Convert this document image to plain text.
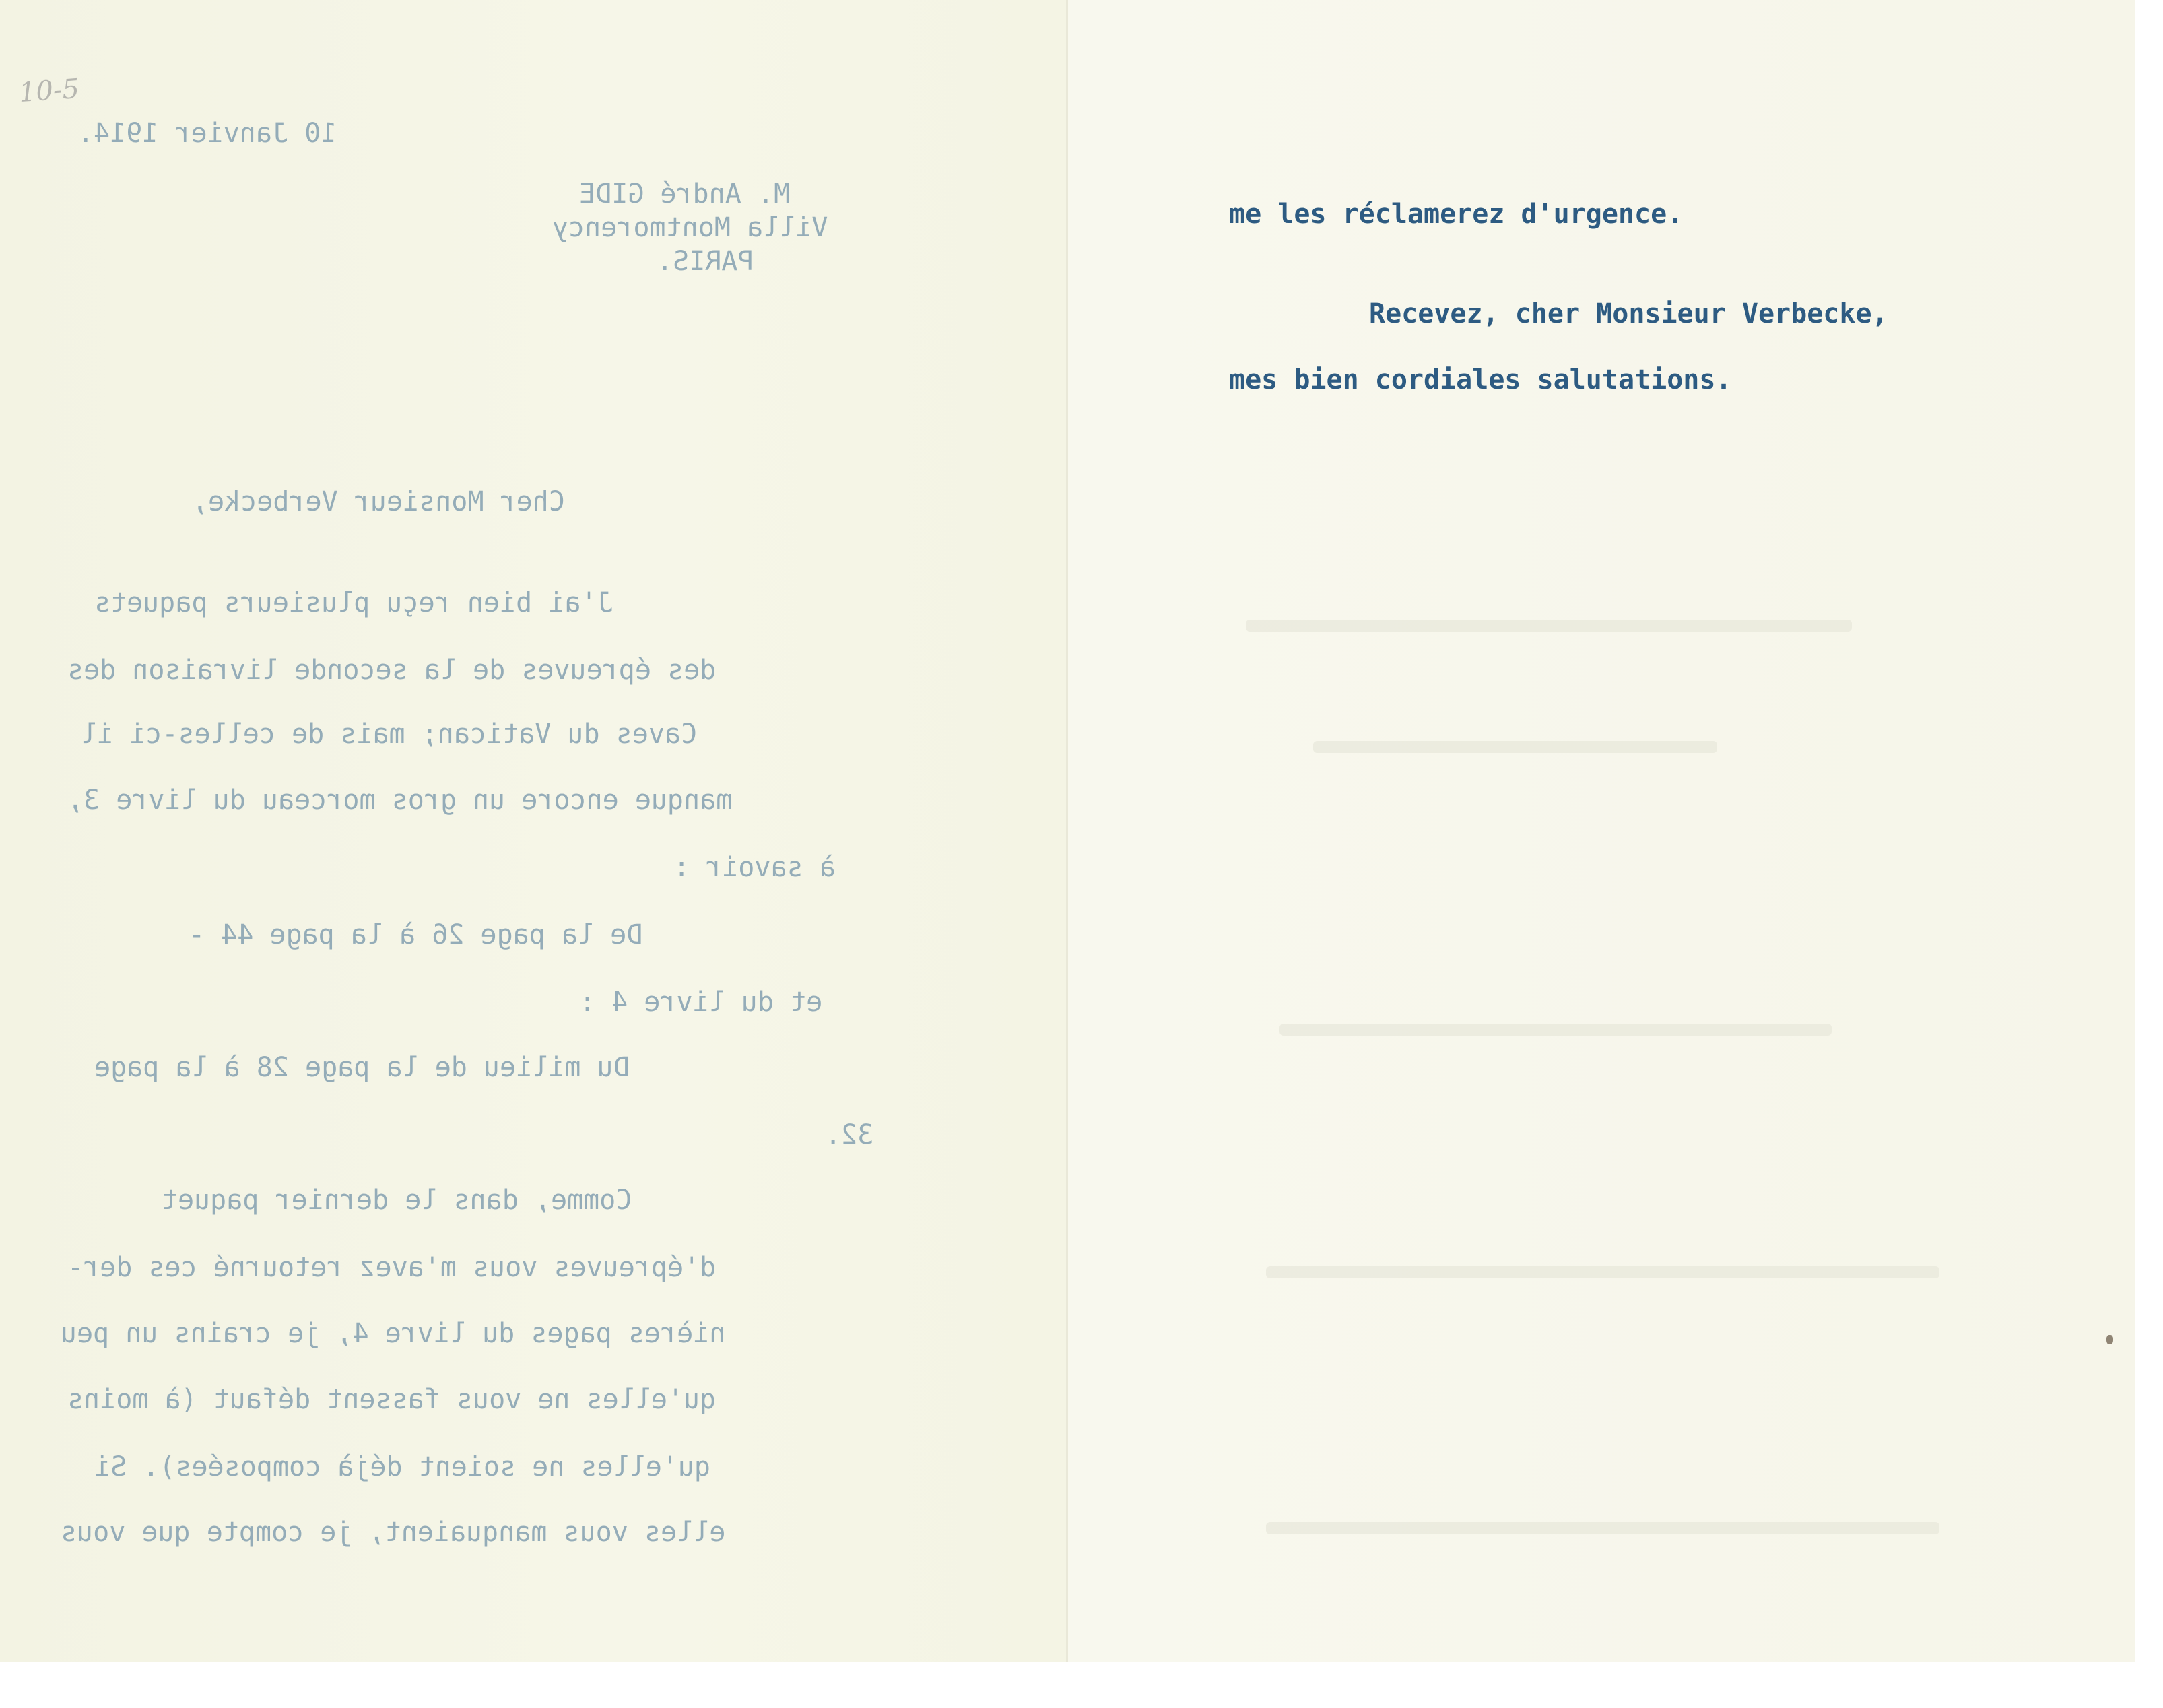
10-5

10 Janvier 1914.

M. André GIDE

Villa Montmorency

PARIS.

Cher Monsieur Verbecke,

J'ai bien reçu plusieurs paquets

des épreuves de la seconde livraison des

Caves du Vatican; mais de celles-ci il

manque encore un gros morceau du livre 3,

à savoir :

De la page 26 à la page 44 -

et du livre 4 :

Du milieu de la page 28 à la page

32.

Comme, dans le dernier paquet

d'épreuves vous m'avez retourné ces der-

nières pages du livre 4, je crains un peu

qu'elles ne vous fassent défaut (à moins

qu'elles ne soient déjà composées). Si

elles vous manquaient, je compte que vous

me les réclamerez d'urgence.

Recevez, cher Monsieur Verbecke,

mes bien cordiales salutations.
